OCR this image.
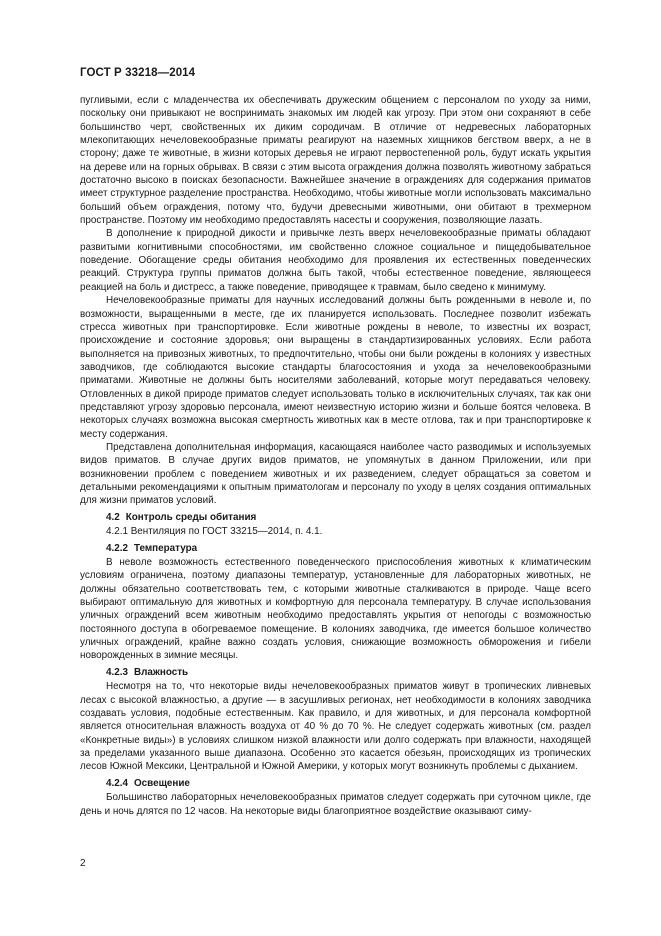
ГОСТ Р 33218—2014

пугливыми, если с младенчества их обеспечивать дружеским общением с персоналом по уходу за ними, поскольку они привыкают не воспринимать знакомых им людей как угрозу. При этом они сохраняют в себе большинство черт, свойственных их диким сородичам. В отличие от недревесных лабораторных млекопитающих нечеловекообразные приматы реагируют на наземных хищников бегством вверх, а не в сторону; даже те животные, в жизни которых деревья не играют первостепенной роль, будут искать укрытия на дереве или на горных обрывах. В связи с этим высота ограждения должна позволять животному забраться достаточно высоко в поисках безопасности. Важнейшее значение в ограждениях для содержания приматов имеет структурное разделение пространства. Необходимо, чтобы животные могли использовать максимально больший объем ограждения, потому что, будучи древесными животными, они обитают в трехмерном пространстве. Поэтому им необходимо предоставлять насесты и сооружения, позволяющие лазать.

В дополнение к природной дикости и привычке лезть вверх нечеловекообразные приматы обладают развитыми когнитивными способностями, им свойственно сложное социальное и пищедобывательное поведение. Обогащение среды обитания необходимо для проявления их естественных поведенческих реакций. Структура группы приматов должна быть такой, чтобы естественное поведение, являющееся реакцией на боль и дистресс, а также поведение, приводящее к травмам, было сведено к минимуму.

Нечеловекообразные приматы для научных исследований должны быть рожденными в неволе и, по возможности, выращенными в месте, где их планируется использовать. Последнее позволит избежать стресса животных при транспортировке. Если животные рождены в неволе, то известны их возраст, происхождение и состояние здоровья; они выращены в стандартизированных условиях. Если работа выполняется на привозных животных, то предпочтительно, чтобы они были рождены в колониях у известных заводчиков, где соблюдаются высокие стандарты благосостояния и ухода за нечеловекообразными приматами. Животные не должны быть носителями заболеваний, которые могут передаваться человеку. Отловленных в дикой природе приматов следует использовать только в исключительных случаях, так как они представляют угрозу здоровью персонала, имеют неизвестную историю жизни и больше боятся человека. В некоторых случаях возможна высокая смертность животных как в месте отлова, так и при транспортировке к месту содержания.

Представлена дополнительная информация, касающаяся наиболее часто разводимых и используемых видов приматов. В случае других видов приматов, не упомянутых в данном Приложении, или при возникновении проблем с поведением животных и их разведением, следует обращаться за советом и детальными рекомендациями к опытным приматологам и персоналу по уходу в целях создания оптимальных для жизни приматов условий.

4.2 Контроль среды обитания

4.2.1 Вентиляция по ГОСТ 33215—2014, п. 4.1.

4.2.2 Температура

В неволе возможность естественного поведенческого приспособления животных к климатическим условиям ограничена, поэтому диапазоны температур, установленные для лабораторных животных, не должны обязательно соответствовать тем, с которыми животные сталкиваются в природе. Чаще всего выбирают оптимальную для животных и комфортную для персонала температуру. В случае использования уличных ограждений всем животным необходимо предоставлять укрытия от непогоды с возможностью постоянного доступа в обогреваемое помещение. В колониях заводчика, где имеется большое количество уличных ограждений, крайне важно создать условия, снижающие возможность обморожения и гибели новорожденных в зимние месяцы.

4.2.3 Влажность

Несмотря на то, что некоторые виды нечеловекообразных приматов живут в тропических ливневых лесах с высокой влажностью, а другие — в засушливых регионах, нет необходимости в колониях заводчика создавать условия, подобные естественным. Как правило, и для животных, и для персонала комфортной является относительная влажность воздуха от 40 % до 70 %. Не следует содержать животных (см. раздел «Конкретные виды») в условиях слишком низкой влажности или долго содержать при влажности, находящей за пределами указанного выше диапазона. Особенно это касается обезьян, происходящих из тропических лесов Южной Мексики, Центральной и Южной Америки, у которых могут возникнуть проблемы с дыханием.

4.2.4 Освещение

Большинство лабораторных нечеловекообразных приматов следует содержать при суточном цикле, где день и ночь длятся по 12 часов. На некоторые виды благоприятное воздействие оказывают симу-

2
